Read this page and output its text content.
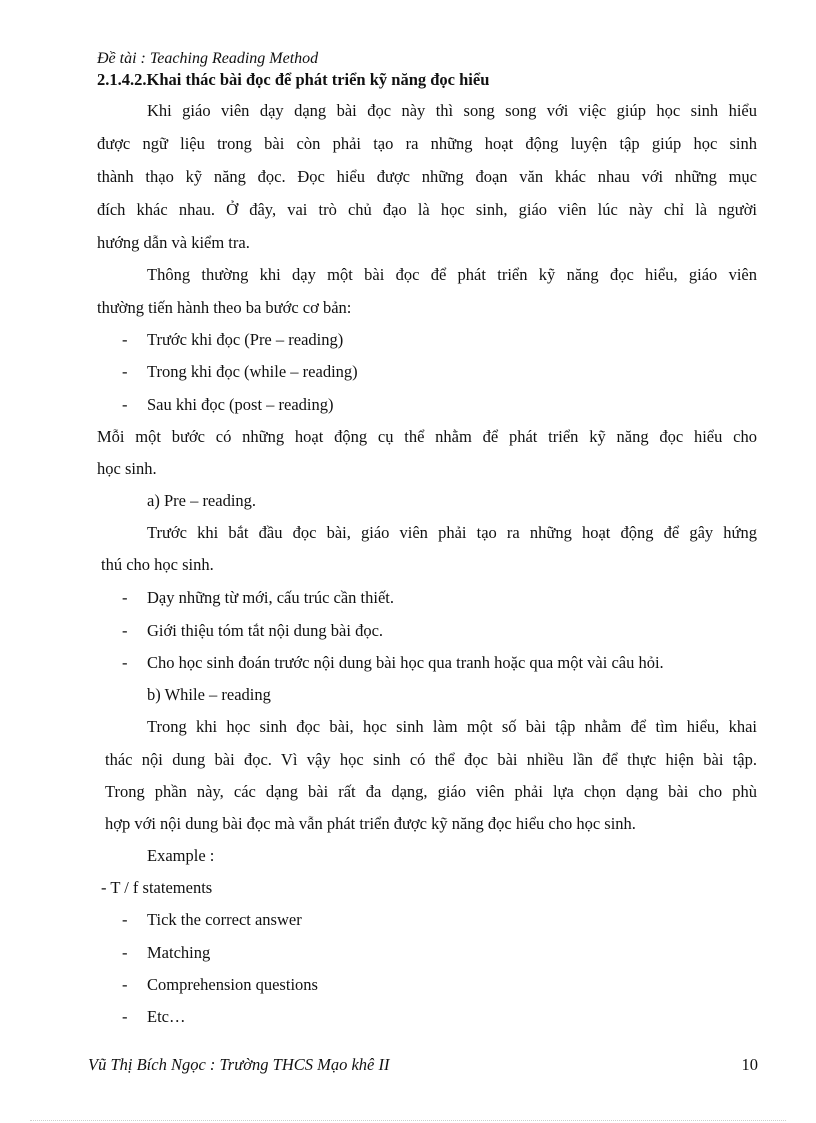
Đề tài : Teaching Reading Method
2.1.4.2.Khai thác bài đọc để phát triển kỹ năng đọc hiểu
Khi giáo viên dạy dạng bài đọc này thì song song với việc giúp học sinh hiểu
được ngữ liệu trong bài còn phải tạo ra những hoạt động luyện tập giúp học sinh
thành thạo kỹ năng đọc. Đọc hiểu được những đoạn văn khác nhau với những mục
đích khác nhau. Ở đây, vai trò chủ đạo là học sinh, giáo viên lúc này chỉ là người
hướng dẫn và kiểm tra.
Thông thường khi dạy một bài đọc để phát triển kỹ năng đọc hiểu, giáo viên
thường tiến hành theo ba bước cơ bản:
- Trước khi đọc (Pre – reading)
- Trong khi đọc (while – reading)
- Sau khi đọc (post – reading)
Mỗi một bước có những hoạt động cụ thể nhằm để phát triển kỹ năng đọc hiểu cho
học sinh.
a) Pre – reading.
Trước khi bắt đầu đọc bài, giáo viên phải tạo ra những hoạt động để gây hứng
thú cho học sinh.
- Dạy những từ mới, cấu trúc cần thiết.
- Giới thiệu tóm tắt nội dung bài đọc.
- Cho học sinh đoán trước nội dung bài học qua tranh hoặc qua một vài câu hỏi.
b) While – reading
Trong khi học sinh đọc bài, học sinh làm một số bài tập nhằm để tìm hiểu, khai
thác nội dung bài đọc. Vì vậy học sinh có thể đọc bài nhiều lần để thực hiện bài tập.
Trong phần này, các dạng bài rất đa dạng, giáo viên phải lựa chọn dạng bài cho phù
hợp với nội dung bài đọc mà vẫn phát triển được kỹ năng đọc hiểu cho học sinh.
Example :
- T / f statements
- Tick the correct answer
- Matching
- Comprehension questions
- Etc…
Vũ Thị Bích Ngọc : Trường THCS Mạo khê II	10
